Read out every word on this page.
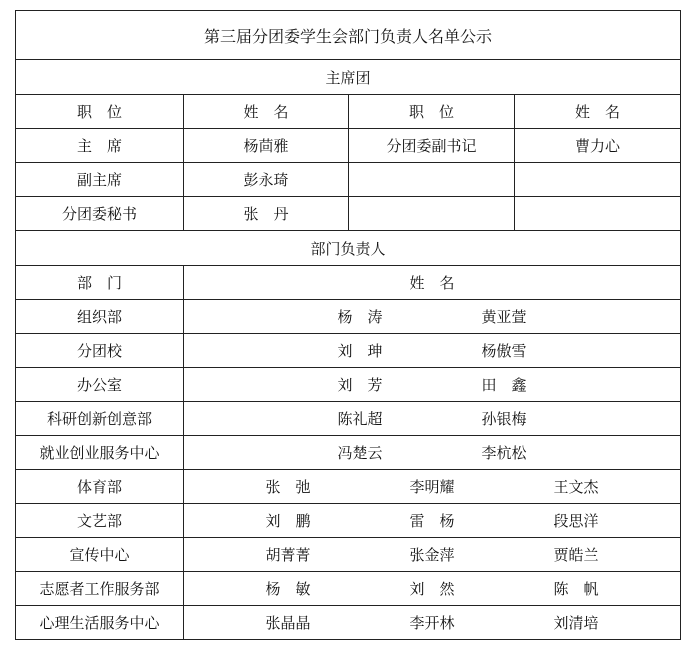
第三届分团委学生会部门负责人名单公示			
主席团			
职　位	姓　名	职　位	姓　名
主　席	杨茴雅	分团委副书记	曹力心
副主席	彭永琦		
分团委秘书	张　丹		
部门负责人			
部　门	姓　名		
组织部	杨　涛 黄亚萱		

分团校	刘　珅 杨傲雪		

办公室	刘　芳 田　鑫		

科研创新创意部	陈礼超 孙银梅		

就业创业服务中心	冯楚云 李杭松		

体育部	张　弛 李明耀 王文杰		

文艺部	刘　鹏 雷　杨 段思洋		

宣传中心	胡菁菁 张金萍 贾皓兰		

志愿者工作服务部	杨　敏 刘　然 陈　帆		

心理生活服务中心	张晶晶 李开林 刘清培		
